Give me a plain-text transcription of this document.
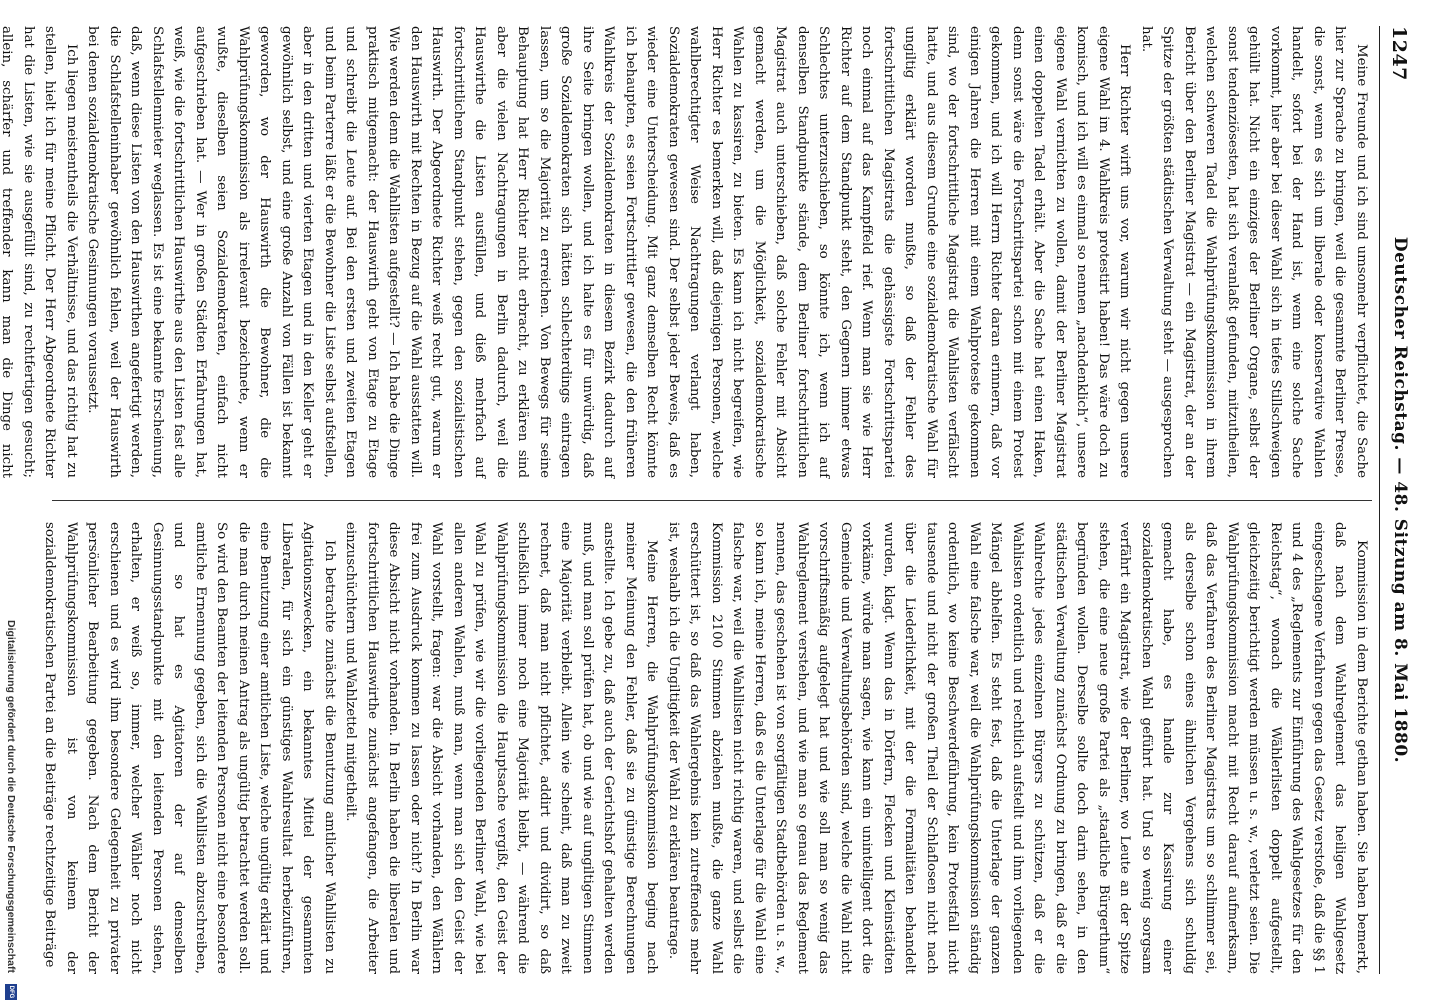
Deutscher Reichstag. — 48. Sitzung am 8. Mai 1880.
1247

Meine Freunde und ich sind umsomehr verpflichtet, die Sache hier zur Sprache zu bringen, weil die gesammte Berliner Presse, die sonst, wenn es sich um liberale oder konservative Wahlen handelt, sofort bei der Hand ist, wenn eine solche Sache vorkommt, hier aber bei dieser Wahl sich in tiefes Stillschweigen gehüllt hat. Nicht ein einziges der Berliner Organe, selbst der sonst tendenziösesten, hat sich veranlaßt gefunden, mitzutheilen, welchen schweren Tadel die Wahlprüfungskommission in ihrem Bericht über den Berliner Magistrat — ein Magistrat, der an der Spitze der größten städtischen Verwaltung steht — ausgesprochen hat.

Herr Richter wirft uns vor, warum wir nicht gegen unsere eigene Wahl im 4. Wahlkreis protestirt haben! Das wäre doch zu komisch, und ich will es einmal so nennen „nachdenklich“, unsere eigene Wahl vernichten zu wollen, damit der Berliner Magistrat einen doppelten Tadel erhält. Aber die Sache hat einen Haken, denn sonst wäre die Fortschrittspartei schon mit einem Protest gekommen, und ich will Herrn Richter daran erinnern, daß vor einigen Jahren die Herren mit einem Wahlproteste gekommen sind, wo der fortschrittliche Magistrat die Wahlisten verfälscht hatte, und aus diesem Grunde eine sozialdemokratische Wahl für ungiltig erklärt worden mußte, so daß der Fehler des fortschrittlichen Magistrats die gehässigste Fortschrittspartei noch einmal auf das Kampffeld rief. Wenn man sie wie Herr Richter auf dem Standpunkt steht, den Gegnern immer etwas Schlechtes unterzuschieben, so könnte ich, wenn ich auf denselben Standpunkte stände, dem Berliner fortschrittlichen Magistrat auch unterschieben, daß solche Fehler mit Absicht gemacht werden, um die Möglichkeit, sozialdemokratische Wahlen zu kassiren, zu bieten. Es kann ich nicht begreifen, wie Herr Richter es bemerken will, daß diejenigen Personen, welche wahlberechtigter Weise Nachtragungen verlangt haben, Sozialdemokraten gewesen sind. Der selbst jeder Beweis, daß es wieder eine Unterscheidung. Mit ganz demselben Recht könnte ich behaupten, es seien Fortschrittler gewesen, die den früheren Wahlkreis der Sozialdemokraten in diesem Bezirk dadurch auf ihre Seite bringen wollen, und ich halte es für unwürdig, daß große Sozialdemokraten sich hätten schlechterdings eintragen lassen, um so die Majorität zu erreichen. Von Bewegs für seine Behauptung hat Herr Richter nicht erbracht, zu erklären sind aber die vielen Nachtragungen in Berlin dadurch, weil die Hauswirthe die Listen ausfüllen, und dieß mehrfach auf fortschrittlichem Standpunkt stehen, gegen den sozialistischen Hauswirth. Der Abgeordnete Richter weiß recht gut, warum er den Hauswirth mit Rechten in Bezug auf die Wahl ausstatten will. Wie werden denn die Wahllisten aufgestellt? — Ich habe die Dinge praktisch mitgemacht: der Hauswirth geht von Etage zu Etage und schreibt die Leute auf. Bei den ersten und zweiten Etagen und beim Parterre läßt er die Bewohner die Liste selbst aufstellen, aber in den dritten und vierten Etagen und in den Keller geht er gewöhnlich selbst, und eine große Anzahl von Fällen ist bekannt geworden, wo der Hauswirth die Bewohner, die die Wahlprüfungskommission als irrelevant bezeichnete, wenn er wußte, dieselben seien Sozialdemokraten, einfach nicht aufgeschrieben hat. — Wer in großen Städten Erfahrungen hat, weiß, wie die fortschrittlichen Hauswirthe aus den Listen fast alle Schlafstellenmieter weglassen. Es ist eine bekannte Erscheinung, daß, wenn diese Listen von den Hauswirthen angefertigt werden, die Schlafstelleninhaber gewöhnlich fehlen, weil der Hauswirth bei denen sozialdemokratische Gesinnungen voraussetzt.

Ich liegen meistentheils die Verhältnisse, und das richtig hat zu stellen, hielt ich für meine Pflicht. Der Herr Abgeordnete Richter hat die Listen, wie sie ausgefüllt sind, zu rechtfertigen gesucht; allein, schärfer und treffender kann man die Dinge nicht

Kommission in dem Berichte gethan haben. Sie haben bemerkt, daß nach dem Wahlreglement das heiligen Wahlgesetz eingeschlagene Verfahren gegen das Gesetz verstoße, daß die §§ 1 und 4 des „Reglements zur Einführung des Wahlgesetzes für den Reichstag“, wonach die Wählerlisten doppelt aufgestellt, gleichzeitig berichtigt werden müssen u. s. w., verletzt seien. Die Wahlprüfungskommission macht mit Recht darauf aufmerksam, daß das Verfahren des Berliner Magistrats um so schlimmer sei, als derselbe schon eines ähnlichen Vergehens sich schuldig gemacht habe, es handle zur Kassirung einer sozialdemokratischen Wahl geführt hat. Und so wenig sorgsam verfährt ein Magistrat, wie der Berliner, wo Leute an der Spitze stehen, die eine neue große Partei als „staatliche Bürgerthum“ begründen wollen. Derselbe sollte doch darin sehen, in den städtischen Verwaltung zunächst Ordnung zu bringen, daß er die Wahlrechte jedes einzelnen Bürgers zu schützen, daß er die Wahlisten ordentlich und rechtlich aufstellt und ihm vorliegenden Mängel abhelfen. Es steht fest, daß die Unterlage der ganzen Wahl eine falsche war, weil die Wahlprüfungskommission ständig ordentlich, wo keine Beschwerdeführung, kein Protestfall nicht tausende und nicht der großen Theil der Schlaflosen nicht nach über die Liederlichkeit, mit der die Formalitäten behandelt wurden, klagt. Wenn das in Dörfern, Flecken und Kleinstädten vorkäme, würde man sagen, wie kann ein unintelligent dort die Gemeinde und Verwaltungsbehörden sind, welche die Wahl nicht vorschriftsmäßig aufgelegt hat und wie soll man so wenig das Wahlreglement verstehen, und wie man so genau das Reglement nennen, das geschehen ist von sorgfältigen Stadtbehörden u. s. w., so kann ich, meine Herren, daß es die Unterlage für die Wahl eine falsche war, weil die Wahllisten nicht richtig waren, und selbst die Kommission 2100 Stimmen abziehen mußte, die ganze Wahl erschüttert ist, so daß das Wahlergebnis kein zutreffendes mehr ist, weshalb ich die Ungiltigkeit der Wahl zu erklären beantrage.

Meine Herren, die Wahlprüfungskommission beging nach meiner Meinung den Fehler, daß sie zu günstige Berechnungen anstellte. Ich gebe zu, daß auch der Gerichtshof gehalten werden muß, und man soll prüfen hat, ob und wie auf ungiltigen Stimmen eine Majorität verbleibt. Allein wie scheint, daß man zu zweit rechnet, daß man nicht pflichtet, addirt und dividirt, so daß schließlich immer noch eine Majorität bleibt, — während die Wahlprüfungskommission die Hauptsache vergißt, den Geist der Wahl zu prüfen, wie wir die vorliegenden Berliner Wahl, wie bei allen anderen Wahlen, muß man, wenn man sich den Geist der Wahl vorstellt, fragen: war die Absicht vorhanden, den Wählern frei zum Ausdruck kommen zu lassen oder nicht? In Berlin war diese Absicht nicht vorhanden. In Berlin haben die liberalen und fortschrittlichen Hauswirthe zunächst angefangen, die Arbeiter einzuschüchtern und Wahlzettel mitgetheilt.

Ich betrachte zunächst die Benutzung amtlicher Wahllisten zu Agitationszwecken, ein bekanntes Mittel der gesammten Liberalen, für sich ein günstiges Wahlresultat herbeizuführen, eine Benutzung einer amtlichen Liste, welche ungültig erklärt und die man durch meinen Antrag als ungültig betrachtet werden soll. So wird den Beamten der leitenden Personen nicht eine besondere amtliche Ernennung gegeben, sich die Wahllisten abzuschreiben, und so hat es Agitatoren der auf demselben Gesinnungsstandpunkte mit den leitenden Personen stehen, erhalten, er weiß so, immer, welcher Wähler noch nicht erschienen und es wird ihm besondere Gelegenheit zu privater persönlicher Bearbeitung gegeben. Nach dem Bericht der Wahlprüfungskommission ist von keinem der sozialdemokratischen Partei an die Beiträge rechtzeitige Beiträge

Digitalisierung gefördert durch die Deutsche Forschungsgemeinschaft
DFG
